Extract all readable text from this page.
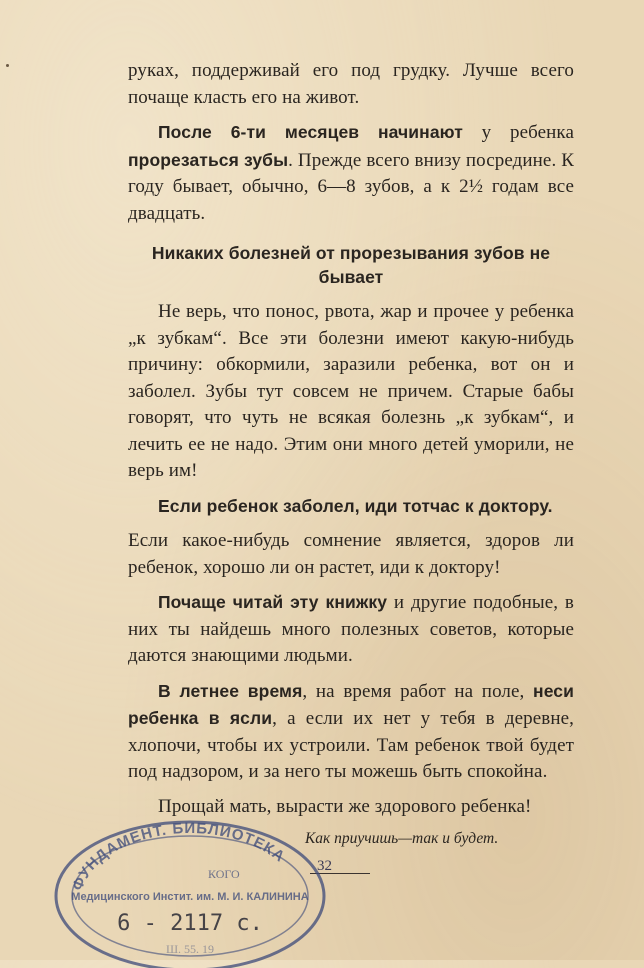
руках, поддерживай его под грудку. Лучше всего почаще класть его на живот.

После 6-ти месяцев начинают у ребенка прорезаться зубы. Прежде всего внизу посредине. К году бывает, обычно, 6—8 зубов, а к 2½ годам все двадцать.

Никаких болезней от прорезывания зубов не бывает

Не верь, что понос, рвота, жар и прочее у ребенка „к зубкам“. Все эти болезни имеют какую-нибудь причину: обкормили, заразили ребенка, вот он и заболел. Зубы тут совсем не причем. Старые бабы говорят, что чуть не всякая болезнь „к зубкам“, и лечить ее не надо. Этим они много детей уморили, не верь им!

Если ребенок заболел, иди тотчас к доктору.

Если какое-нибудь сомнение является, здоров ли ребенок, хорошо ли он растет, иди к доктору!

Почаще читай эту книжку и другие подобные, в них ты найдешь много полезных советов, которые даются знающими людьми.

В летнее время, на время работ на поле, неси ребенка в ясли, а если их нет у тебя в деревне, хлопочи, чтобы их устроили. Там ребенок твой будет под надзором, и за него ты можешь быть спокойна.

Прощай мать, вырасти же здорового ребенка!

Как приучишь—так и будет.
ФУНДАМЕНТ. БИБЛИОТЕКА
КОГО
Медицинского Инстит. им. М. И. КАЛИНИНА
6 - 2117 с.
Ш. 55. 19
32
